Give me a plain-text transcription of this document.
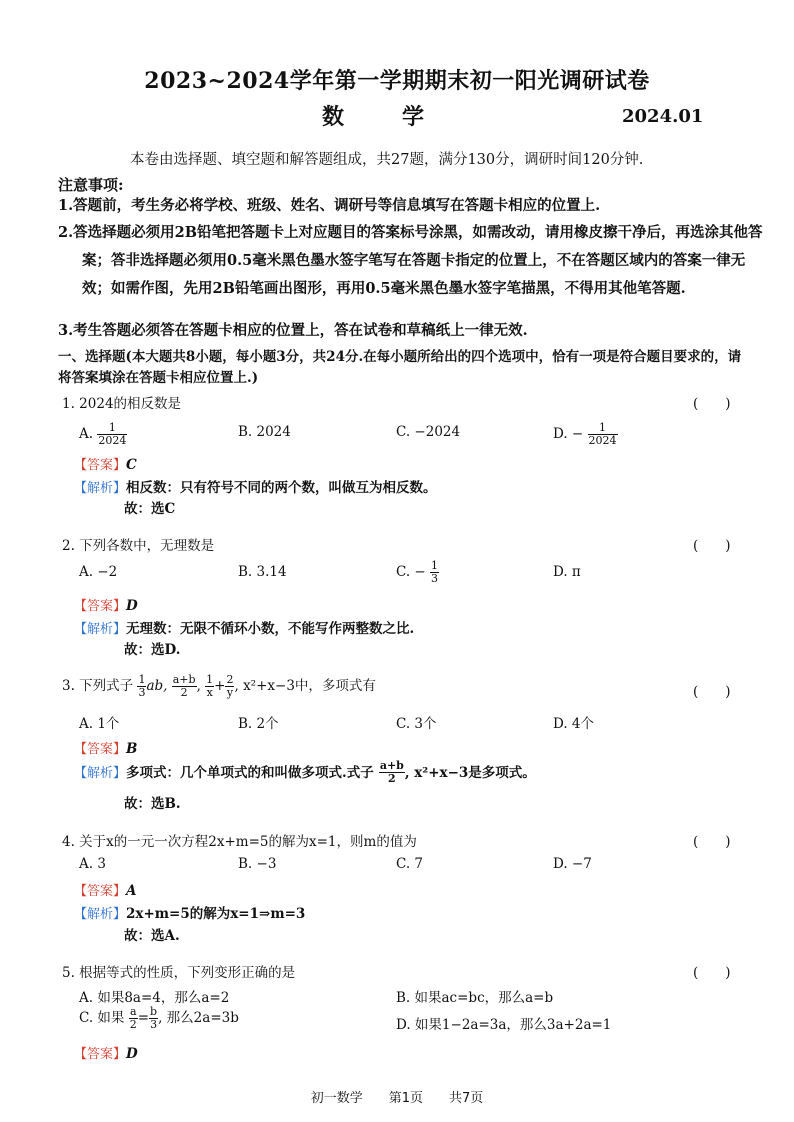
2023~2024学年第一学期期末初一阳光调研试卷
数　学	2024.01
本卷由选择题、填空题和解答题组成，共27题，满分130分，调研时间120分钟.
注意事项:
1.答题前，考生务必将学校、班级、姓名、调研号等信息填写在答题卡相应的位置上.
2.答选择题必须用2B铅笔把答题卡上对应题目的答案标号涂黑，如需改动，请用橡皮擦干净后，再选涂其他答案；答非选择题必须用0.5毫米黑色墨水签字笔写在答题卡指定的位置上，不在答题区域内的答案一律无效；如需作图，先用2B铅笔画出图形，再用0.5毫米黑色墨水签字笔描黑，不得用其他笔答题.
3.考生答题必须答在答题卡相应的位置上，答在试卷和草稿纸上一律无效.
一、选择题(本大题共8小题，每小题3分，共24分.在每小题所给出的四个选项中，恰有一项是符合题目要求的，请将答案填涂在答题卡相应位置上.)
1. 2024的相反数是	(　　)
A. $\frac{1}{2024}$	B. 2024	C. −2024	D. − $\frac{1}{2024}$
【答案】C
【解析】相反数：只有符号不同的两个数，叫做互为相反数。
故：选C
2. 下列各数中，无理数是	(　　)
A. −2	B. 3.14	C. − $\frac{1}{3}$	D. π
【答案】D
【解析】无理数：无限不循环小数，不能写作两整数之比.
故：选D.
3. 下列式子 $\frac{1}{3}$ ab, $\frac{a+b}{2}$ , $\frac{1}{x} + \frac{2}{y}$ , x²+x−3中，多项式有	(　　)
A. 1个	B. 2个	C. 3个	D. 4个
【答案】B
【解析】多项式：几个单项式的和叫做多项式.式子 $\frac{a+b}{2}$ , x²+x−3是多项式。
故：选B.
4. 关于x的一元一次方程2x+m=5的解为x=1，则m的值为	(　　)
A. 3	B. −3	C. 7	D. −7
【答案】A
【解析】2x+m=5的解为x=1⇒m=3
故：选A.
5. 根据等式的性质，下列变形正确的是	(　　)
A. 如果8a=4，那么a=2	B. 如果ac=bc，那么a=b
C. 如果 $\frac{a}{2} = \frac{b}{3}$ , 那么2a=3b	D. 如果1−2a=3a，那么3a+2a=1
【答案】D
初一数学　　第1页　　共7页
